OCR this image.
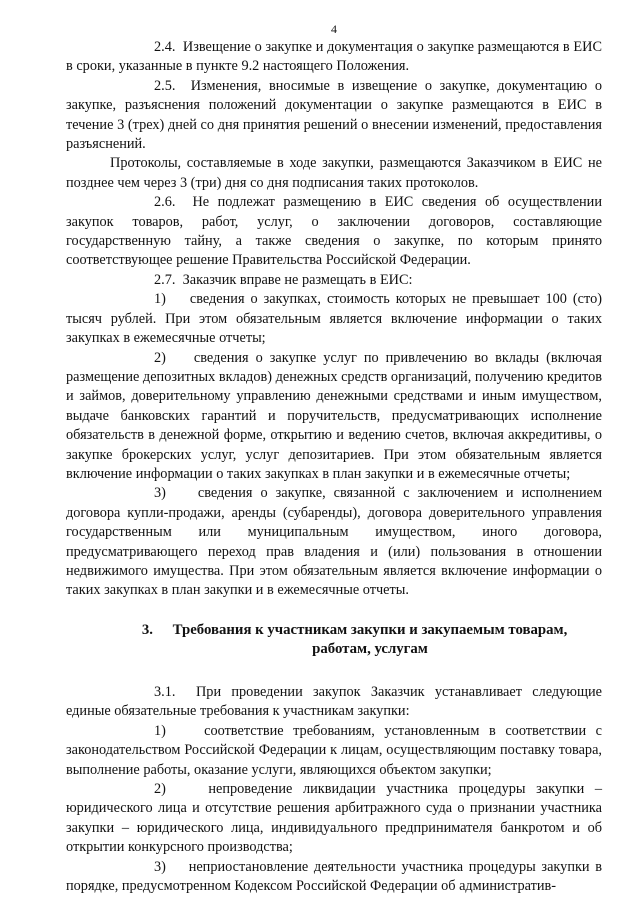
4

2.4. Извещение о закупке и документация о закупке размещаются в ЕИС в сроки, указанные в пункте 9.2 настоящего Положения.

2.5. Изменения, вносимые в извещение о закупке, документацию о закупке, разъяснения положений документации о закупке размещаются в ЕИС в течение 3 (трех) дней со дня принятия решений о внесении изменений, предоставления разъяснений.

Протоколы, составляемые в ходе закупки, размещаются Заказчиком в ЕИС не позднее чем через 3 (три) дня со дня подписания таких протоколов.

2.6. Не подлежат размещению в ЕИС сведения об осуществлении закупок товаров, работ, услуг, о заключении договоров, составляющие государственную тайну, а также сведения о закупке, по которым принято соответствующее решение Правительства Российской Федерации.

2.7. Заказчик вправе не размещать в ЕИС:

1) сведения о закупках, стоимость которых не превышает 100 (сто) тысяч рублей. При этом обязательным является включение информации о таких закупках в ежемесячные отчеты;

2) сведения о закупке услуг по привлечению во вклады (включая размещение депозитных вкладов) денежных средств организаций, получению кредитов и займов, доверительному управлению денежными средствами и иным имуществом, выдаче банковских гарантий и поручительств, предусматривающих исполнение обязательств в денежной форме, открытию и ведению счетов, включая аккредитивы, о закупке брокерских услуг, услуг депозитариев. При этом обязательным является включение информации о таких закупках в план закупки и в ежемесячные отчеты;

3) сведения о закупке, связанной с заключением и исполнением договора купли-продажи, аренды (субаренды), договора доверительного управления государственным или муниципальным имуществом, иного договора, предусматривающего переход прав владения и (или) пользования в отношении недвижимого имущества. При этом обязательным является включение информации о таких закупках в план закупки и в ежемесячные отчеты.

3.	Требования к участникам закупки и закупаемым товарам, работам, услугам

3.1. При проведении закупок Заказчик устанавливает следующие единые обязательные требования к участникам закупки:

1)	соответствие требованиям, установленным в соответствии с законодательством Российской Федерации к лицам, осуществляющим поставку товара, выполнение работы, оказание услуги, являющихся объектом закупки;

2)	непроведение ликвидации участника процедуры закупки – юридического лица и отсутствие решения арбитражного суда о признании участника закупки – юридического лица, индивидуального предпринимателя банкротом и об открытии конкурсного производства;

3) неприостановление деятельности участника процедуры закупки в порядке, предусмотренном Кодексом Российской Федерации об административ-
